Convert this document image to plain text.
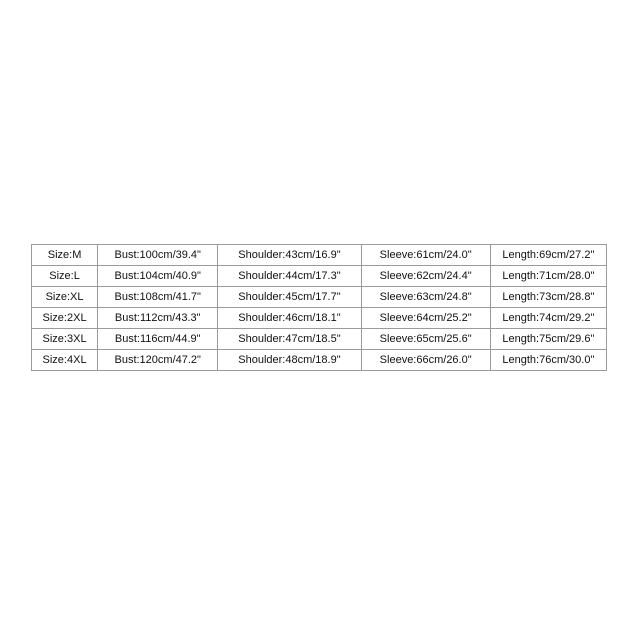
Size:M	Bust:100cm/39.4"	Shoulder:43cm/16.9"	Sleeve:61cm/24.0"	Length:69cm/27.2"
Size:L	Bust:104cm/40.9"	Shoulder:44cm/17.3"	Sleeve:62cm/24.4"	Length:71cm/28.0"
Size:XL	Bust:108cm/41.7"	Shoulder:45cm/17.7"	Sleeve:63cm/24.8"	Length:73cm/28.8"
Size:2XL	Bust:112cm/43.3"	Shoulder:46cm/18.1"	Sleeve:64cm/25.2"	Length:74cm/29.2"
Size:3XL	Bust:116cm/44.9"	Shoulder:47cm/18.5"	Sleeve:65cm/25.6"	Length:75cm/29.6"
Size:4XL	Bust:120cm/47.2"	Shoulder:48cm/18.9"	Sleeve:66cm/26.0"	Length:76cm/30.0"
